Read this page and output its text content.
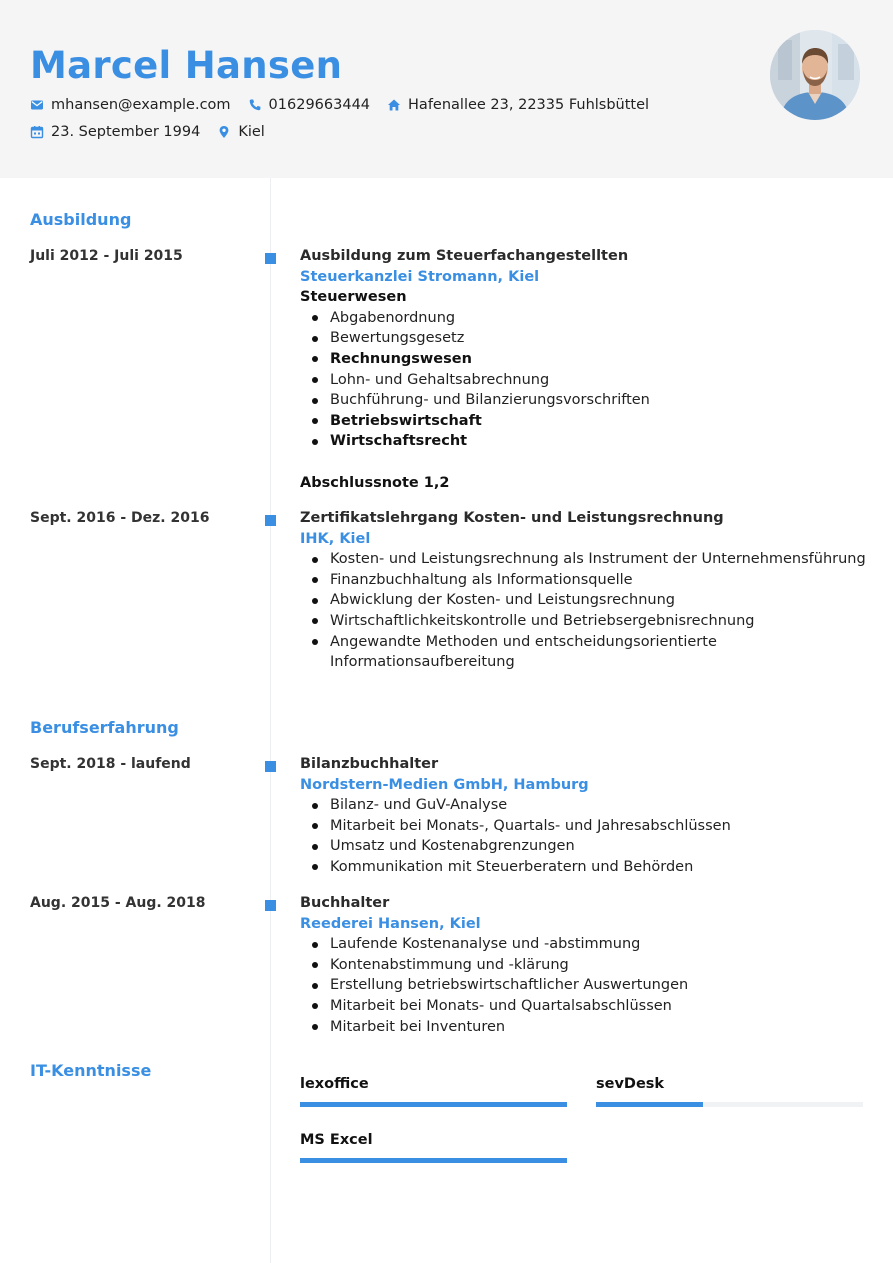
Marcel Hansen
mhansen@example.com	01629663444	Hafenallee 23, 22335 Fuhlsbüttel
23. September 1994	Kiel
Ausbildung
Juli 2012 - Juli 2015	Ausbildung zum Steuerfachangestellten
Steuerkanzlei Stromann, Kiel
Steuerwesen
Abgabenordnung
Bewertungsgesetz
Rechnungswesen
Lohn- und Gehaltsabrechnung
Buchführung- und Bilanzierungsvorschriften
Betriebswirtschaft
Wirtschaftsrecht
Abschlussnote 1,2
Sept. 2016 - Dez. 2016	Zertifikatslehrgang Kosten- und Leistungsrechnung
IHK, Kiel
Kosten- und Leistungsrechnung als Instrument der Unternehmensführung
Finanzbuchhaltung als Informationsquelle
Abwicklung der Kosten- und Leistungsrechnung
Wirtschaftlichkeitskontrolle und Betriebsergebnisrechnung
Angewandte Methoden und entscheidungsorientierte Informationsaufbereitung
Berufserfahrung
Sept. 2018 - laufend	Bilanzbuchhalter
Nordstern-Medien GmbH, Hamburg
Bilanz- und GuV-Analyse
Mitarbeit bei Monats-, Quartals- und Jahresabschlüssen
Umsatz und Kostenabgrenzungen
Kommunikation mit Steuerberatern und Behörden
Aug. 2015 - Aug. 2018	Buchhalter
Reederei Hansen, Kiel
Laufende Kostenanalyse und -abstimmung
Kontenabstimmung und -klärung
Erstellung betriebswirtschaftlicher Auswertungen
Mitarbeit bei Monats- und Quartalsabschlüssen
Mitarbeit bei Inventuren
IT-Kenntnisse
lexoffice	sevDesk
MS Excel
